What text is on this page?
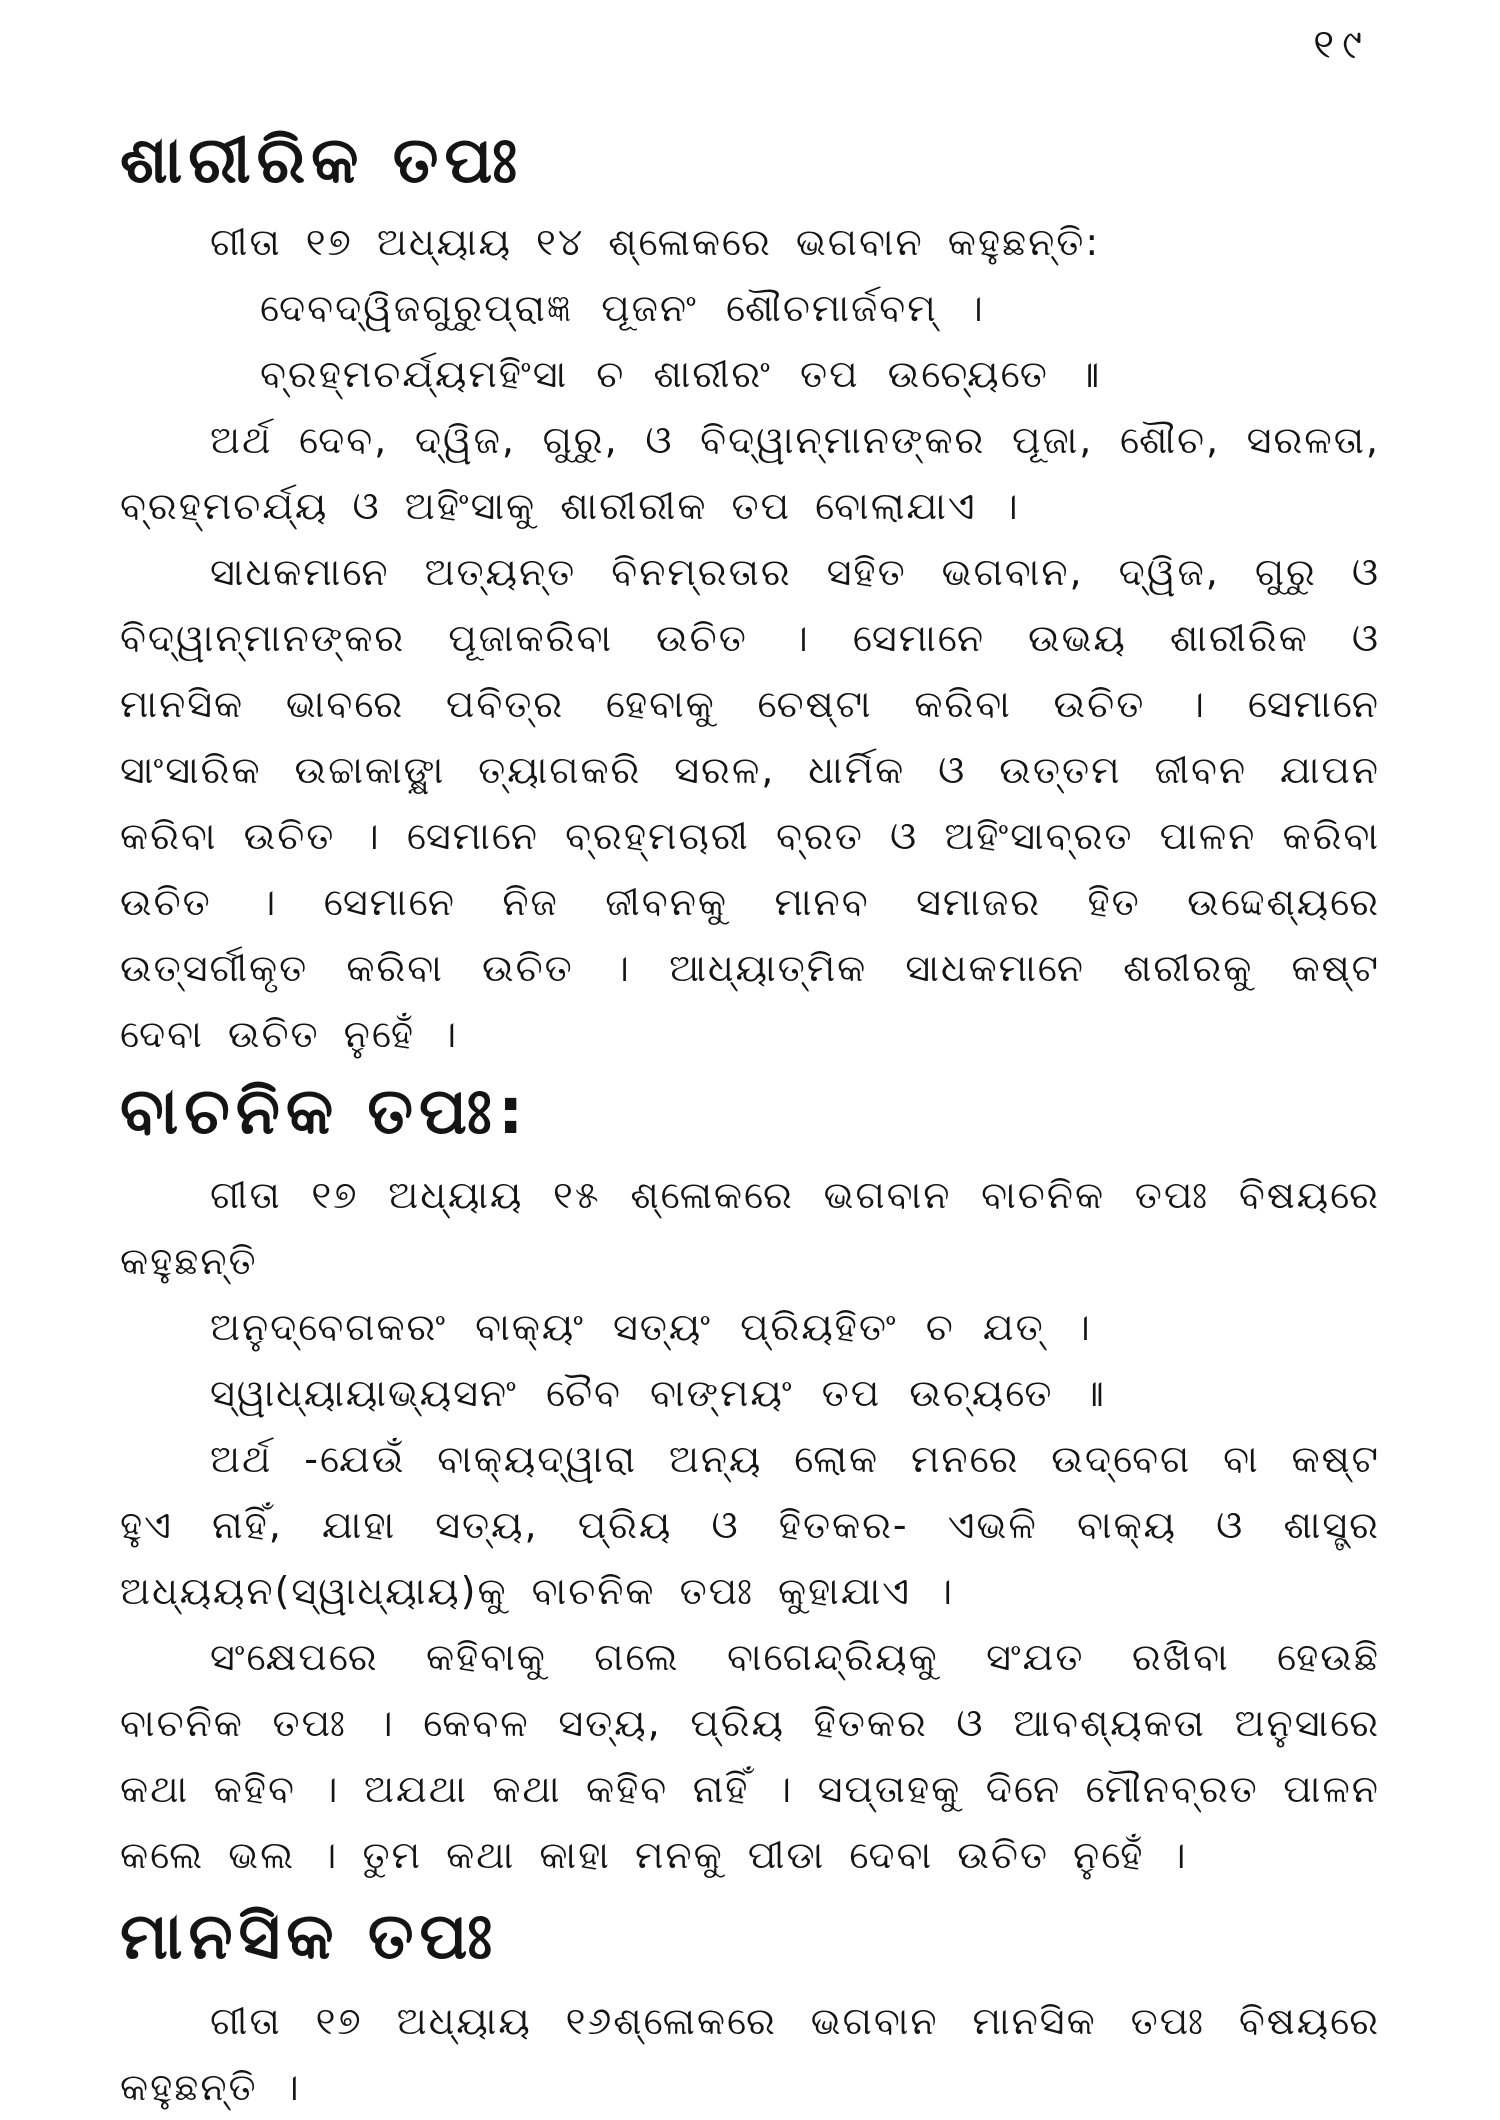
୧୯
ଶାରୀରିକ ତପଃ

ଗୀତା ୧୭ ଅଧ୍ୟାୟ ୧୪ ଶ୍ଳୋକରେ ଭଗବାନ କହୁଛନ୍ତି:

ଦେବଦ୍ୱିଜଗୁରୁପ୍ରାଜ୍ଞ ପୂଜନଂ ଶୌଚମାର୍ଜବମ୍ ।

ବ୍ରହ୍ମଚର୍ଯ୍ୟମହିଂସା ଚ ଶାରୀରଂ ତପ ଉଚ୍ୟେତେ ॥

ଅର୍ଥ ଦେବ, ଦ୍ୱିଜ, ଗୁରୁ, ଓ ବିଦ୍ୱାନ୍‌ମାନଙ୍କର ପୂଜା, ଶୌଚ, ସରଳତା, ବ୍ରହ୍ମଚର୍ଯ୍ୟ ଓ ଅହିଂସାକୁ ଶାରୀରୀକ ତପ ବୋଲାଯାଏ ।

ସାଧକମାନେ ଅତ୍ୟନ୍ତ ବିନମ୍ରତାର ସହିତ ଭଗବାନ, ଦ୍ୱିଜ, ଗୁରୁ ଓ ବିଦ୍ୱାନ୍‌ମାନଙ୍କର ପୂଜାକରିବା ଉଚିତ । ସେମାନେ ଉଭୟ ଶାରୀରିକ ଓ ମାନସିକ ଭାବରେ ପବିତ୍ର ହେବାକୁ ଚେଷ୍ଟା କରିବା ଉଚିତ । ସେମାନେ ସାଂସାରିକ ଉଚ୍ଚାକାଙ୍କ୍ଷା ତ୍ୟାଗକରି ସରଳ, ଧାର୍ମିକ ଓ ଉତ୍ତମ ଜୀବନ ଯାପନ କରିବା ଉଚିତ । ସେମାନେ ବ୍ରହ୍ମଚାରୀ ବ୍ରତ ଓ ଅହିଂସାବ୍ରତ ପାଳନ କରିବା ଉଚିତ । ସେମାନେ ନିଜ ଜୀବନକୁ ମାନବ ସମାଜର ହିତ ଉଦ୍ଦେଶ୍ୟରେ ଉତ୍ସର୍ଗୀକୃତ କରିବା ଉଚିତ । ଆଧ୍ୟାତ୍ମିକ ସାଧକମାନେ ଶରୀରକୁ କଷ୍ଟ ଦେବା ଉଚିତ ନୁହେଁ ।

ବାଚନିକ ତପଃ:

ଗୀତା ୧୭ ଅଧ୍ୟାୟ ୧୫ ଶ୍ଳୋକରେ ଭଗବାନ ବାଚନିକ ତପଃ ବିଷୟରେ କହୁଛନ୍ତି

ଅନୁଦ୍‌ବେଗକରଂ ବାକ୍ୟଂ ସତ୍ୟଂ ପ୍ରିୟହିତଂ ଚ ଯତ୍ ।

ସ୍ୱାଧ୍ୟାୟାଭ୍ୟସନଂ ଚୈବ ବାଙ୍ମୟଂ ତପ ଉଚ୍ୟତେ ॥

ଅର୍ଥ -ଯେଉଁ ବାକ୍ୟଦ୍ୱାରା ଅନ୍ୟ ଲୋକ ମନରେ ଉଦ୍‌ବେଗ ବା କଷ୍ଟ ହୁଏ ନାହିଁ, ଯାହା ସତ୍ୟ, ପ୍ରିୟ ଓ ହିତକର- ଏଭଳି ବାକ୍ୟ ଓ ଶାସ୍ତ୍ର ଅଧ୍ୟୟନ(ସ୍ୱାଧ୍ୟାୟ)କୁ ବାଚନିକ ତପଃ କୁହାଯାଏ ।

ସଂକ୍ଷେପରେ କହିବାକୁ ଗଲେ ବାଗେନ୍ଦ୍ରିୟକୁ ସଂଯତ ରଖିବା ହେଉଛି ବାଚନିକ ତପଃ । କେବଳ ସତ୍ୟ, ପ୍ରିୟ ହିତକର ଓ ଆବଶ୍ୟକତା ଅନୁସାରେ କଥା କହିବ । ଅଯଥା କଥା କହିବ ନାହିଁ । ସପ୍ତାହକୁ ଦିନେ ମୌନବ୍ରତ ପାଳନ କଲେ ଭଲ । ତୁମ କଥା କାହା ମନକୁ ପୀଡା ଦେବା ଉଚିତ ନୁହେଁ ।

ମାନସିକ ତପଃ

ଗୀତା ୧୭ ଅଧ୍ୟାୟ ୧୬ଶ୍ଳୋକରେ ଭଗବାନ ମାନସିକ ତପଃ ବିଷୟରେ କହୁଛନ୍ତି ।
